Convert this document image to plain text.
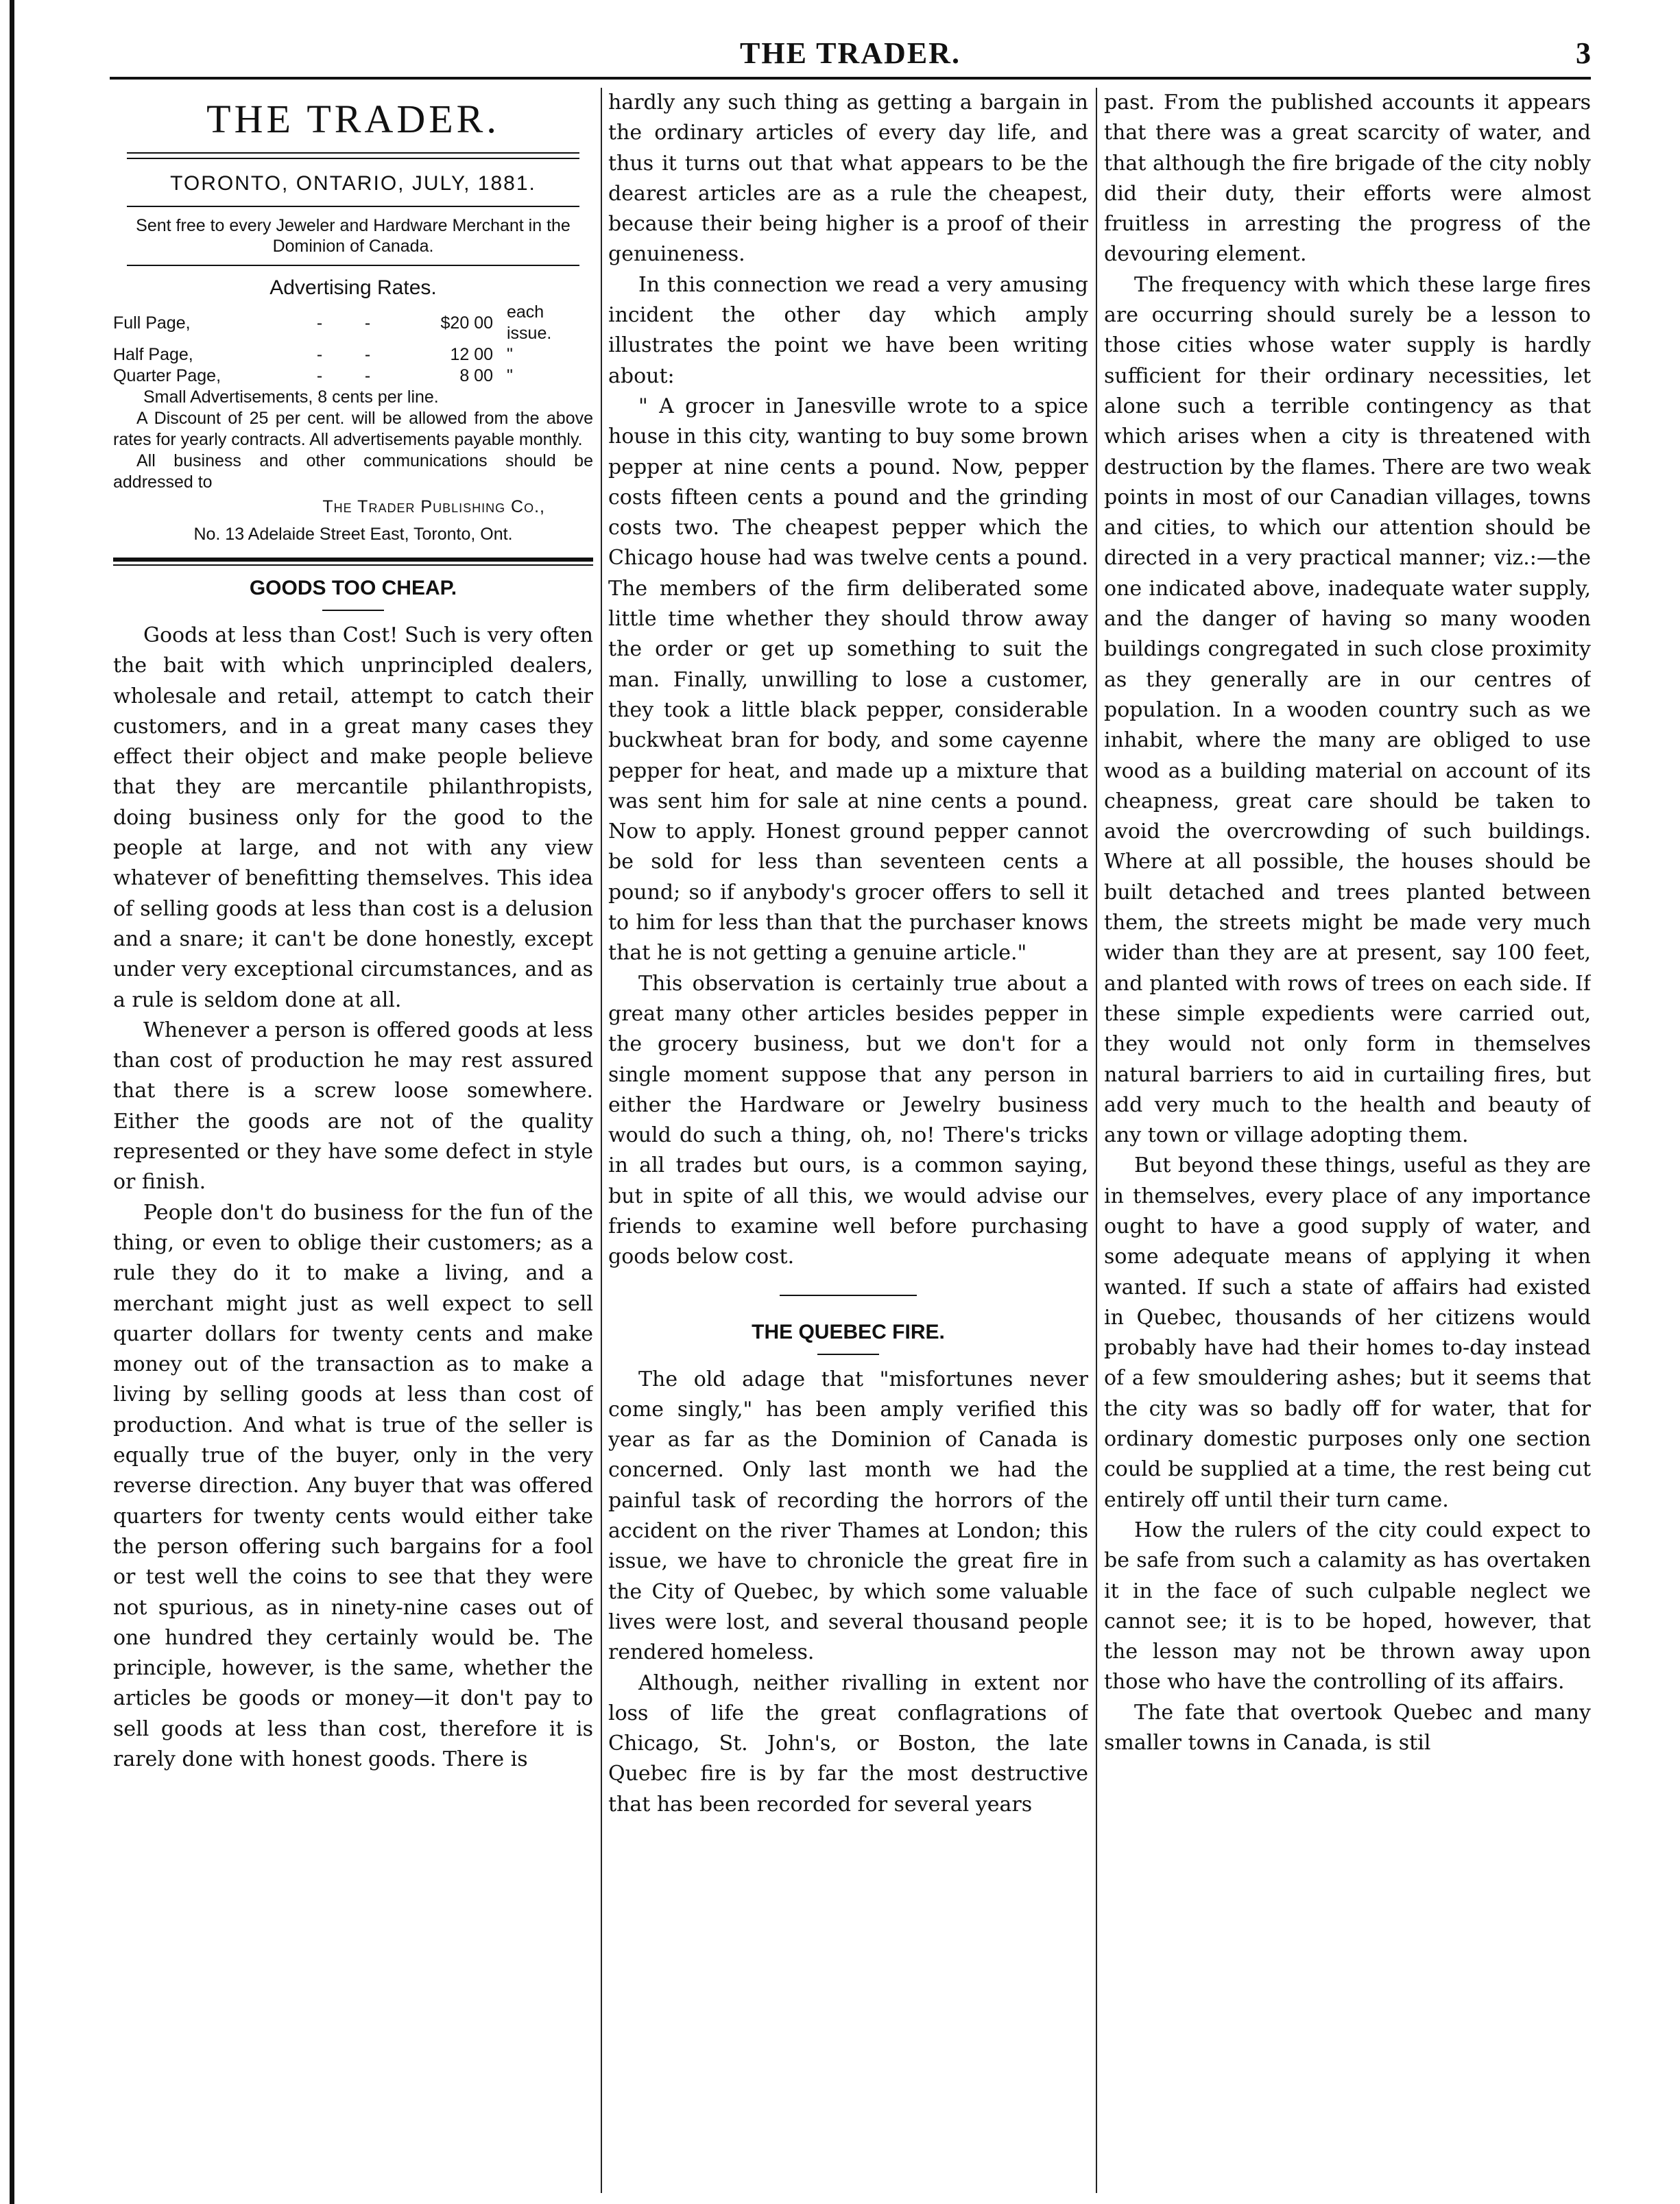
THE TRADER.	3
THE TRADER.
TORONTO, ONTARIO, JULY, 1881.
Sent free to every Jeweler and Hardware Merchant in the Dominion of Canada.
Advertising Rates.
Full Page,	-	-	$20 00	each issue.
Half Page,	-	-	12 00	"
Quarter Page,	-	-	8 00	"

Small Advertisements, 8 cents per line.

A Discount of 25 per cent. will be allowed from the above rates for yearly contracts. All advertisements payable monthly.

All business and other communications should be addressed to

The Trader Publishing Co.,
No. 13 Adelaide Street East, Toronto, Ont.
GOODS TOO CHEAP.

Goods at less than Cost! Such is very often the bait with which unprincipled dealers, wholesale and retail, attempt to catch their customers, and in a great many cases they effect their object and make people believe that they are mercantile philanthropists, doing business only for the good to the people at large, and not with any view whatever of benefitting themselves. This idea of selling goods at less than cost is a delusion and a snare; it can't be done honestly, except under very exceptional circumstances, and as a rule is seldom done at all.

Whenever a person is offered goods at less than cost of production he may rest assured that there is a screw loose somewhere. Either the goods are not of the quality represented or they have some defect in style or finish.

People don't do business for the fun of the thing, or even to oblige their customers; as a rule they do it to make a living, and a merchant might just as well expect to sell quarter dollars for twenty cents and make money out of the transaction as to make a living by selling goods at less than cost of production. And what is true of the seller is equally true of the buyer, only in the very reverse direction. Any buyer that was offered quarters for twenty cents would either take the person offering such bargains for a fool or test well the coins to see that they were not spurious, as in ninety-nine cases out of one hundred they certainly would be. The principle, however, is the same, whether the articles be goods or money—it don't pay to sell goods at less than cost, therefore it is rarely done with honest goods. There is

hardly any such thing as getting a bargain in the ordinary articles of every day life, and thus it turns out that what appears to be the dearest articles are as a rule the cheapest, because their being higher is a proof of their genuineness.

In this connection we read a very amusing incident the other day which amply illustrates the point we have been writing about:

" A grocer in Janesville wrote to a spice house in this city, wanting to buy some brown pepper at nine cents a pound. Now, pepper costs fifteen cents a pound and the grinding costs two. The cheapest pepper which the Chicago house had was twelve cents a pound. The members of the firm deliberated some little time whether they should throw away the order or get up something to suit the man. Finally, unwilling to lose a customer, they took a little black pepper, considerable buckwheat bran for body, and some cayenne pepper for heat, and made up a mixture that was sent him for sale at nine cents a pound. Now to apply. Honest ground pepper cannot be sold for less than seventeen cents a pound; so if anybody's grocer offers to sell it to him for less than that the purchaser knows that he is not getting a genuine article."

This observation is certainly true about a great many other articles besides pepper in the grocery business, but we don't for a single moment suppose that any person in either the Hardware or Jewelry business would do such a thing, oh, no! There's tricks in all trades but ours, is a common saying, but in spite of all this, we would advise our friends to examine well before purchasing goods below cost.

THE QUEBEC FIRE.

The old adage that "misfortunes never come singly," has been amply verified this year as far as the Dominion of Canada is concerned. Only last month we had the painful task of recording the horrors of the accident on the river Thames at London; this issue, we have to chronicle the great fire in the City of Quebec, by which some valuable lives were lost, and several thousand people rendered homeless.

Although, neither rivalling in extent nor loss of life the great conflagrations of Chicago, St. John's, or Boston, the late Quebec fire is by far the most destructive that has been recorded for several years

past. From the published accounts it appears that there was a great scarcity of water, and that although the fire brigade of the city nobly did their duty, their efforts were almost fruitless in arresting the progress of the devouring element.

The frequency with which these large fires are occurring should surely be a lesson to those cities whose water supply is hardly sufficient for their ordinary necessities, let alone such a terrible contingency as that which arises when a city is threatened with destruction by the flames. There are two weak points in most of our Canadian villages, towns and cities, to which our attention should be directed in a very practical manner; viz.:—the one indicated above, inadequate water supply, and the danger of having so many wooden buildings congregated in such close proximity as they generally are in our centres of population. In a wooden country such as we inhabit, where the many are obliged to use wood as a building material on account of its cheapness, great care should be taken to avoid the overcrowding of such buildings. Where at all possible, the houses should be built detached and trees planted between them, the streets might be made very much wider than they are at present, say 100 feet, and planted with rows of trees on each side. If these simple expedients were carried out, they would not only form in themselves natural barriers to aid in curtailing fires, but add very much to the health and beauty of any town or village adopting them.

But beyond these things, useful as they are in themselves, every place of any importance ought to have a good supply of water, and some adequate means of applying it when wanted. If such a state of affairs had existed in Quebec, thousands of her citizens would probably have had their homes to-day instead of a few smouldering ashes; but it seems that the city was so badly off for water, that for ordinary domestic purposes only one section could be supplied at a time, the rest being cut entirely off until their turn came.

How the rulers of the city could expect to be safe from such a calamity as has overtaken it in the face of such culpable neglect we cannot see; it is to be hoped, however, that the lesson may not be thrown away upon those who have the controlling of its affairs.

The fate that overtook Quebec and many smaller towns in Canada, is stil
